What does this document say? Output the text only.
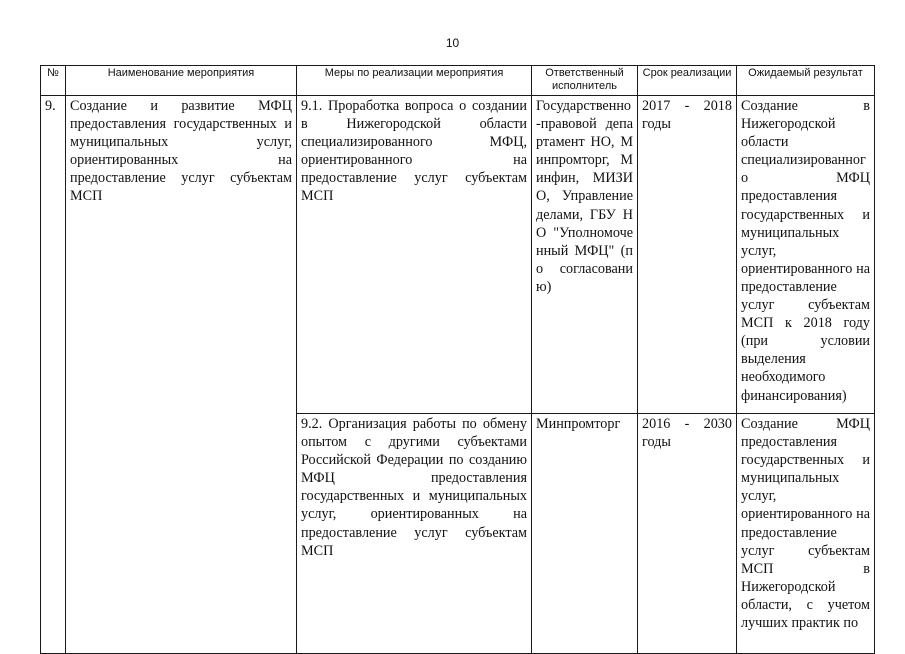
10
№	Наименование мероприятия	Меры по реализации мероприятия	Ответственный исполнитель	Срок реализации	Ожидаемый результат
9.	Создание и развитие МФЦ предоставления государственных и муниципальных услуг, ориентированных на предоставление услуг субъектам МСП	9.1. Проработка вопроса о создании в Нижегородской области специализированного МФЦ, ориентированного на предоставление услуг субъектам МСП	Государственно-правовой департамент НО, Минпромторг, Минфин, МИЗИО, Управление делами, ГБУ НО "Уполномоченный МФЦ" (по согласованию)	2017 - 2018 годы	Создание в Нижегородской области специализированного МФЦ предоставления государственных и муниципальных услуг, ориентированного на предоставление услуг субъектам МСП к 2018 году (при условии выделения необходимого финансирования)
		9.2. Организация работы по обмену опытом с другими субъектами Российской Федерации по созданию МФЦ предоставления государственных и муниципальных услуг, ориентированных на предоставление услуг субъектам МСП	Минпромторг	2016 - 2030 годы	Создание МФЦ предоставления государственных и муниципальных услуг, ориентированного на предоставление услуг субъектам МСП в Нижегородской области, с учетом лучших практик по
